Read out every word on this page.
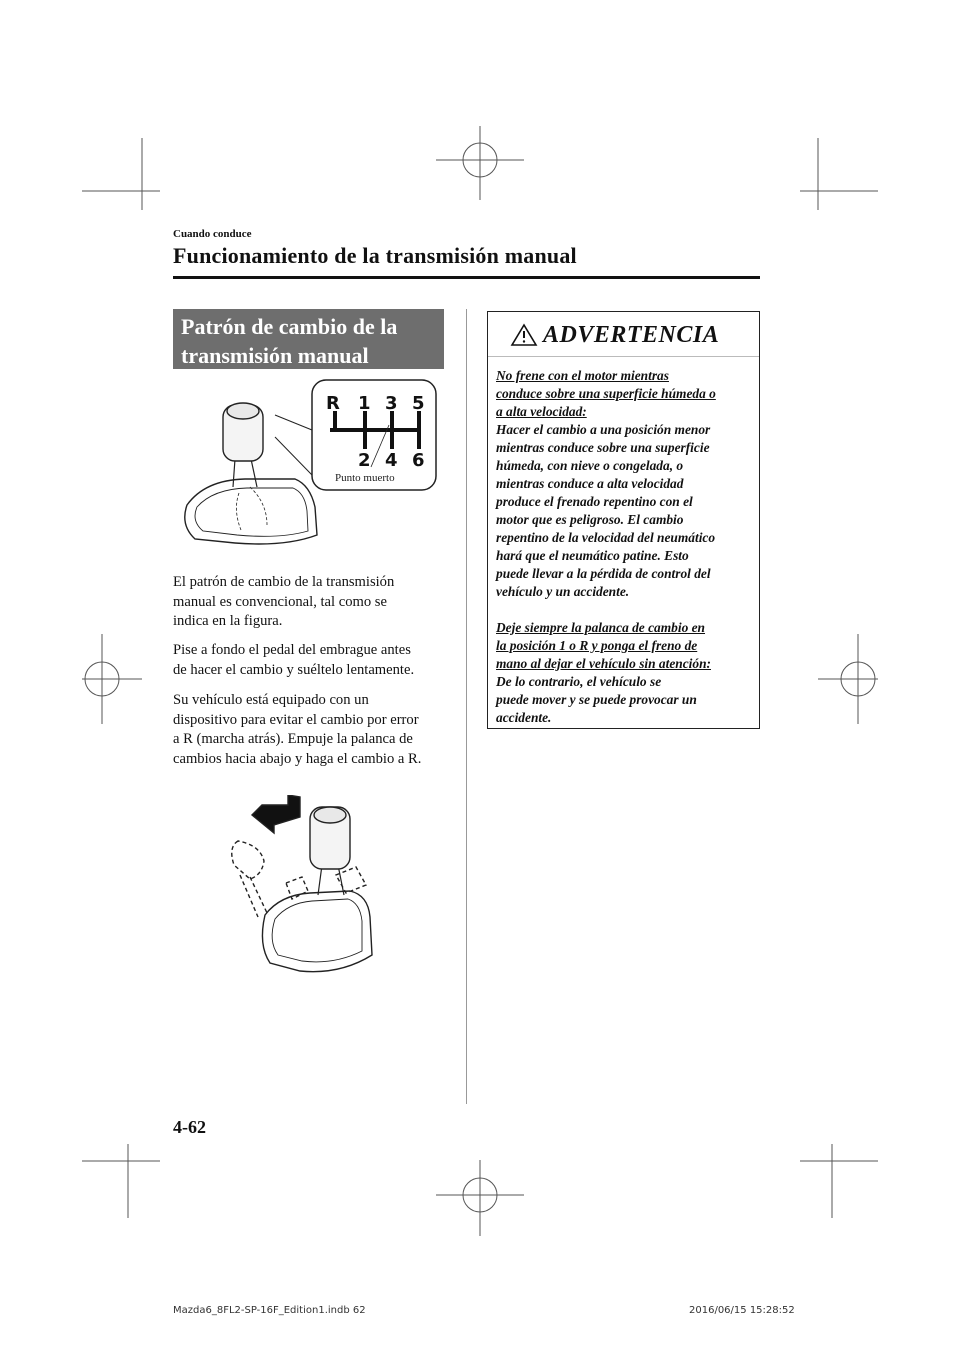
Cuando conduce
Funcionamiento de la transmisión manual
Patrón de cambio de la
transmisión manual
R 1 3 5
2 4 6
Punto muerto
El patrón de cambio de la transmisión
manual es convencional, tal como se
indica en la figura.
Pise a fondo el pedal del embrague antes
de hacer el cambio y suéltelo lentamente.
Su vehículo está equipado con un
dispositivo para evitar el cambio por error
a R (marcha atrás). Empuje la palanca de
cambios hacia abajo y haga el cambio a R.
ADVERTENCIA
No frene con el motor mientras
conduce sobre una superficie húmeda o
a alta velocidad:
Hacer el cambio a una posición menor
mientras conduce sobre una superficie
húmeda, con nieve o congelada, o
mientras conduce a alta velocidad
produce el frenado repentino con el
motor que es peligroso. El cambio
repentino de la velocidad del neumático
hará que el neumático patine. Esto
puede llevar a la pérdida de control del
vehículo y un accidente.
Deje siempre la palanca de cambio en
la posición 1 o R y ponga el freno de
mano al dejar el vehículo sin atención:
De lo contrario, el vehículo se
puede mover y se puede provocar un
accidente.
4-62
Mazda6_8FL2-SP-16F_Edition1.indb 62	2016/06/15 15:28:52
